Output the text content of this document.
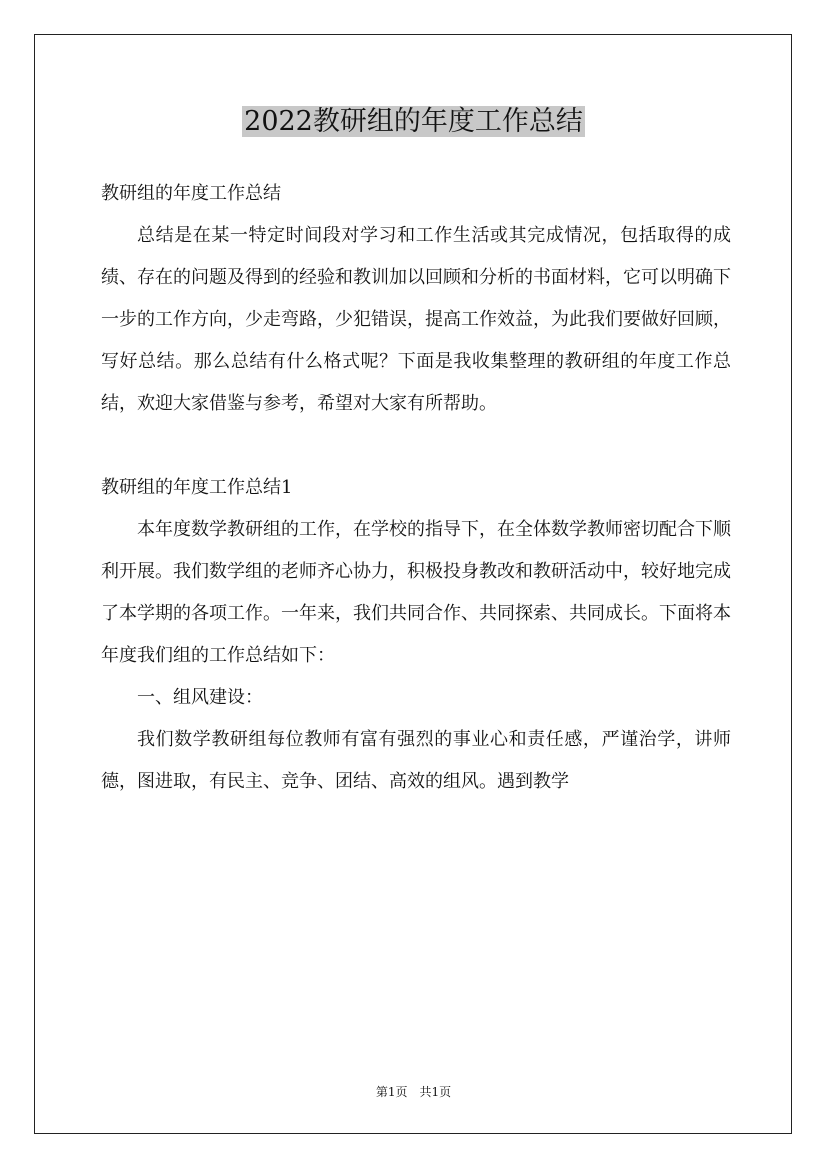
2022教研组的年度工作总结

教研组的年度工作总结

总结是在某一特定时间段对学习和工作生活或其完成情况，包括取得的成绩、存在的问题及得到的经验和教训加以回顾和分析的书面材料，它可以明确下一步的工作方向，少走弯路，少犯错误，提高工作效益，为此我们要做好回顾，写好总结。那么总结有什么格式呢？下面是我收集整理的教研组的年度工作总结，欢迎大家借鉴与参考，希望对大家有所帮助。

教研组的年度工作总结1

本年度数学教研组的工作，在学校的指导下，在全体数学教师密切配合下顺利开展。我们数学组的老师齐心协力，积极投身教改和教研活动中，较好地完成了本学期的各项工作。一年来，我们共同合作、共同探索、共同成长。下面将本年度我们组的工作总结如下：

一、组风建设：

我们数学教研组每位教师有富有强烈的事业心和责任感，严谨治学，讲师德，图进取，有民主、竞争、团结、高效的组风。遇到教学

第1页 共1页
